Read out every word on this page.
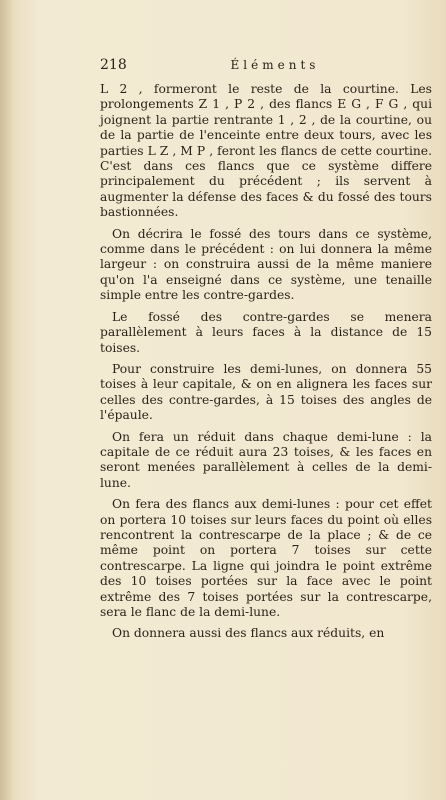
218	Éléments

L 2 , formeront le reste de la courtine. Les prolongements Z 1 , P 2 , des flancs E G , F G , qui joignent la partie rentrante 1 , 2 , de la courtine, ou de la partie de l'enceinte entre deux tours, avec les parties L Z , M P , feront les flancs de cette courtine. C'est dans ces flancs que ce système differe principalement du précédent ; ils servent à augmenter la défense des faces & du fossé des tours bastionnées.

On décrira le fossé des tours dans ce système, comme dans le précédent : on lui donnera la même largeur : on construira aussi de la même maniere qu'on l'a enseigné dans ce système, une tenaille simple entre les contre-gardes.

Le fossé des contre-gardes se menera parallèlement à leurs faces à la distance de 15 toises.

Pour construire les demi-lunes, on donnera 55 toises à leur capitale, & on en alignera les faces sur celles des contre-gardes, à 15 toises des angles de l'épaule.

On fera un réduit dans chaque demi-lune : la capitale de ce réduit aura 23 toises, & les faces en seront menées parallèlement à celles de la demi-lune.

On fera des flancs aux demi-lunes : pour cet effet on portera 10 toises sur leurs faces du point où elles rencontrent la contrescarpe de la place ; & de ce même point on portera 7 toises sur cette contrescarpe. La ligne qui joindra le point extrême des 10 toises portées sur la face avec le point extrême des 7 toises portées sur la contrescarpe, sera le flanc de la demi-lune.

On donnera aussi des flancs aux réduits, en
